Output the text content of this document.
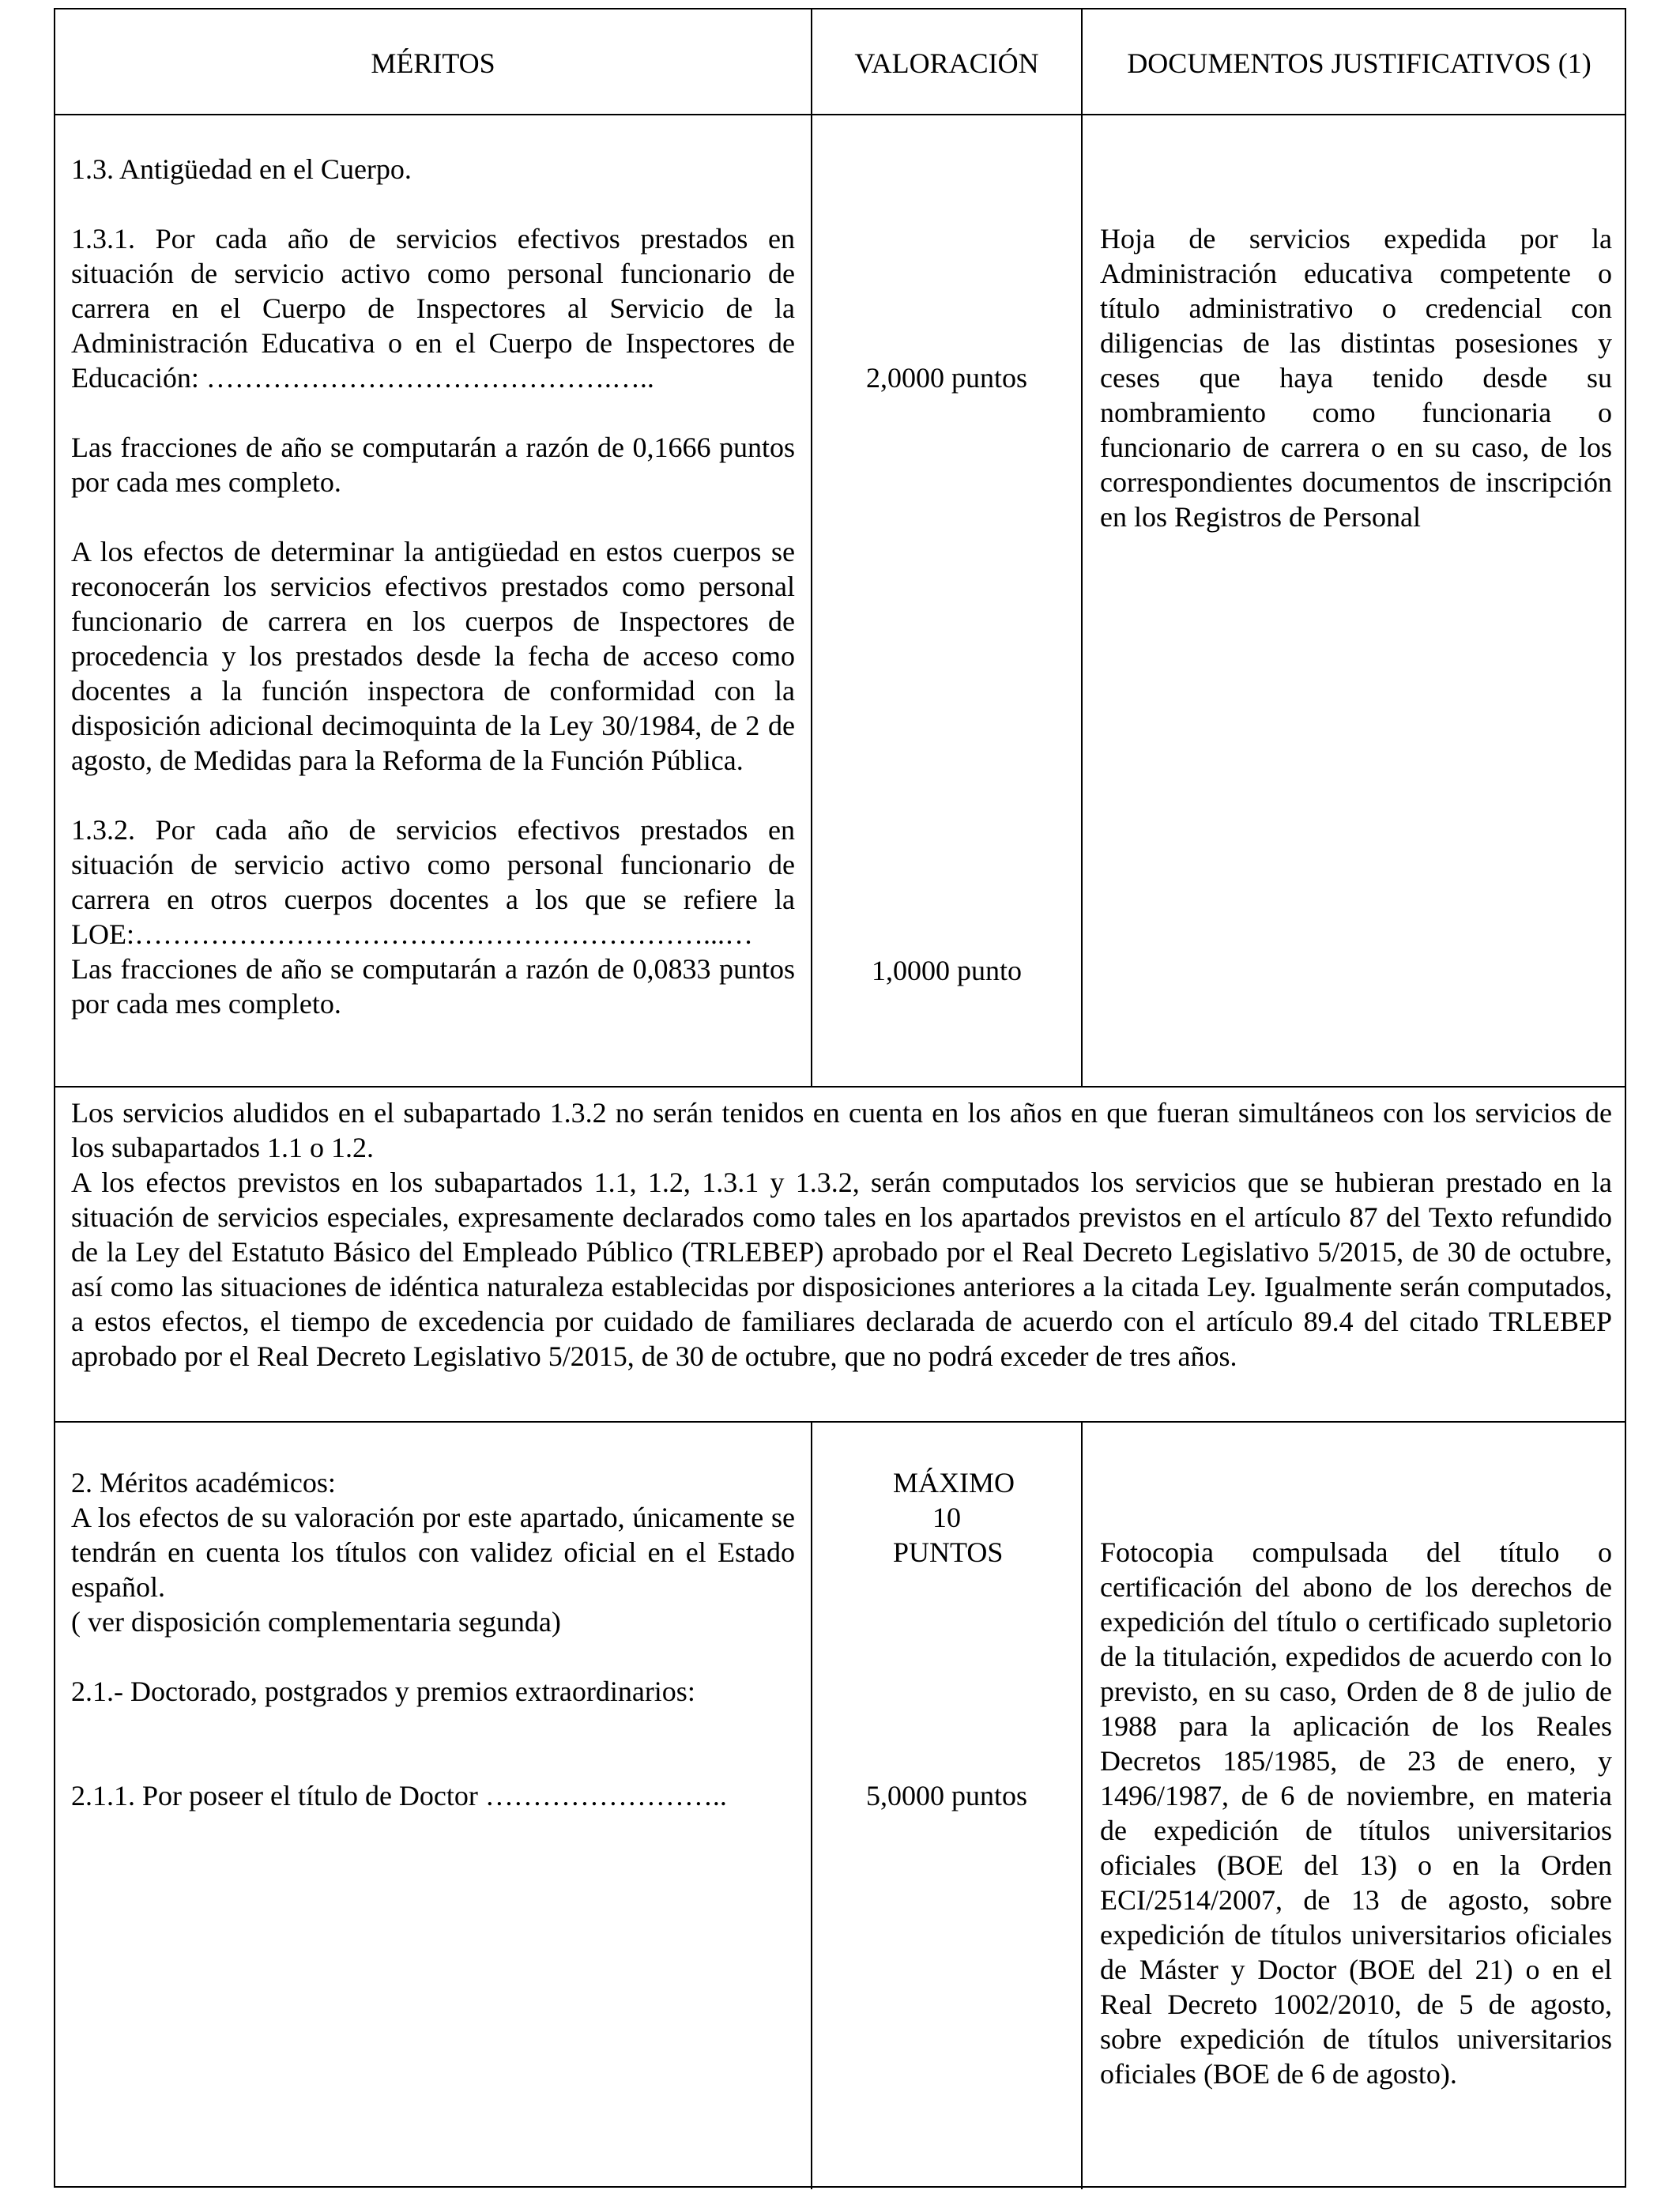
MÉRITOS	VALORACIÓN	DOCUMENTOS JUSTIFICATIVOS (1)

1.3. Antigüedad en el Cuerpo.

1.3.1. Por cada año de servicios efectivos prestados en situación de servicio activo como personal funcionario de carrera en el Cuerpo de Inspectores al Servicio de la Administración Educativa o en el Cuerpo de Inspectores de Educación: …………………………………….…..

Las fracciones de año se computarán a razón de 0,1666 puntos por cada mes completo.

A los efectos de determinar la antigüedad en estos cuerpos se reconocerán los servicios efectivos prestados como personal funcionario de carrera en los cuerpos de Inspectores de procedencia y los prestados desde la fecha de acceso como docentes a la función inspectora de conformidad con la disposición adicional decimoquinta de la Ley 30/1984, de 2 de agosto, de Medidas para la Reforma de la Función Pública.

1.3.2. Por cada año de servicios efectivos prestados en situación de servicio activo como personal funcionario de carrera en otros cuerpos docentes a los que se refiere la LOE:……………………………………………………...…

Las fracciones de año se computarán a razón de 0,0833 puntos por cada mes completo.

2,0000 puntos
1,0000 punto
Hoja de servicios expedida por la Administración educativa competente o título administrativo o credencial con diligencias de las distintas posesiones y ceses que haya tenido desde su nombramiento como funcionaria o funcionario de carrera o en su caso, de los correspondientes documentos de inscripción en los Registros de Personal

Los servicios aludidos en el subapartado 1.3.2 no serán tenidos en cuenta en los años en que fueran simultáneos con los servicios de los subapartados 1.1 o 1.2.

A los efectos previstos en los subapartados 1.1, 1.2, 1.3.1 y 1.3.2, serán computados los servicios que se hubieran prestado en la situación de servicios especiales, expresamente declarados como tales en los apartados previstos en el artículo 87 del Texto refundido de la Ley del Estatuto Básico del Empleado Público (TRLEBEP) aprobado por el Real Decreto Legislativo 5/2015, de 30 de octubre, así como las situaciones de idéntica naturaleza establecidas por disposiciones anteriores a la citada Ley. Igualmente serán computados, a estos efectos, el tiempo de excedencia por cuidado de familiares declarada de acuerdo con el artículo 89.4 del citado TRLEBEP aprobado por el Real Decreto Legislativo 5/2015, de 30 de octubre, que no podrá exceder de tres años.

2. Méritos académicos:

A los efectos de su valoración por este apartado, únicamente se tendrán en cuenta los títulos con validez oficial en el Estado español.

( ver disposición complementaria segunda)

2.1.- Doctorado, postgrados y premios extraordinarios:

2.1.1. Por poseer el título de Doctor ……………………..

MÁXIMO 10 PUNTOS
5,0000 puntos
Fotocopia compulsada del título o certificación del abono de los derechos de expedición del título o certificado supletorio de la titulación, expedidos de acuerdo con lo previsto, en su caso, Orden de 8 de julio de 1988 para la aplicación de los Reales Decretos 185/1985, de 23 de enero, y 1496/1987, de 6 de noviembre, en materia de expedición de títulos universitarios oficiales (BOE del 13) o en la Orden ECI/2514/2007, de 13 de agosto, sobre expedición de títulos universitarios oficiales de Máster y Doctor (BOE del 21) o en el Real Decreto 1002/2010, de 5 de agosto, sobre expedición de títulos universitarios oficiales (BOE de 6 de agosto).
